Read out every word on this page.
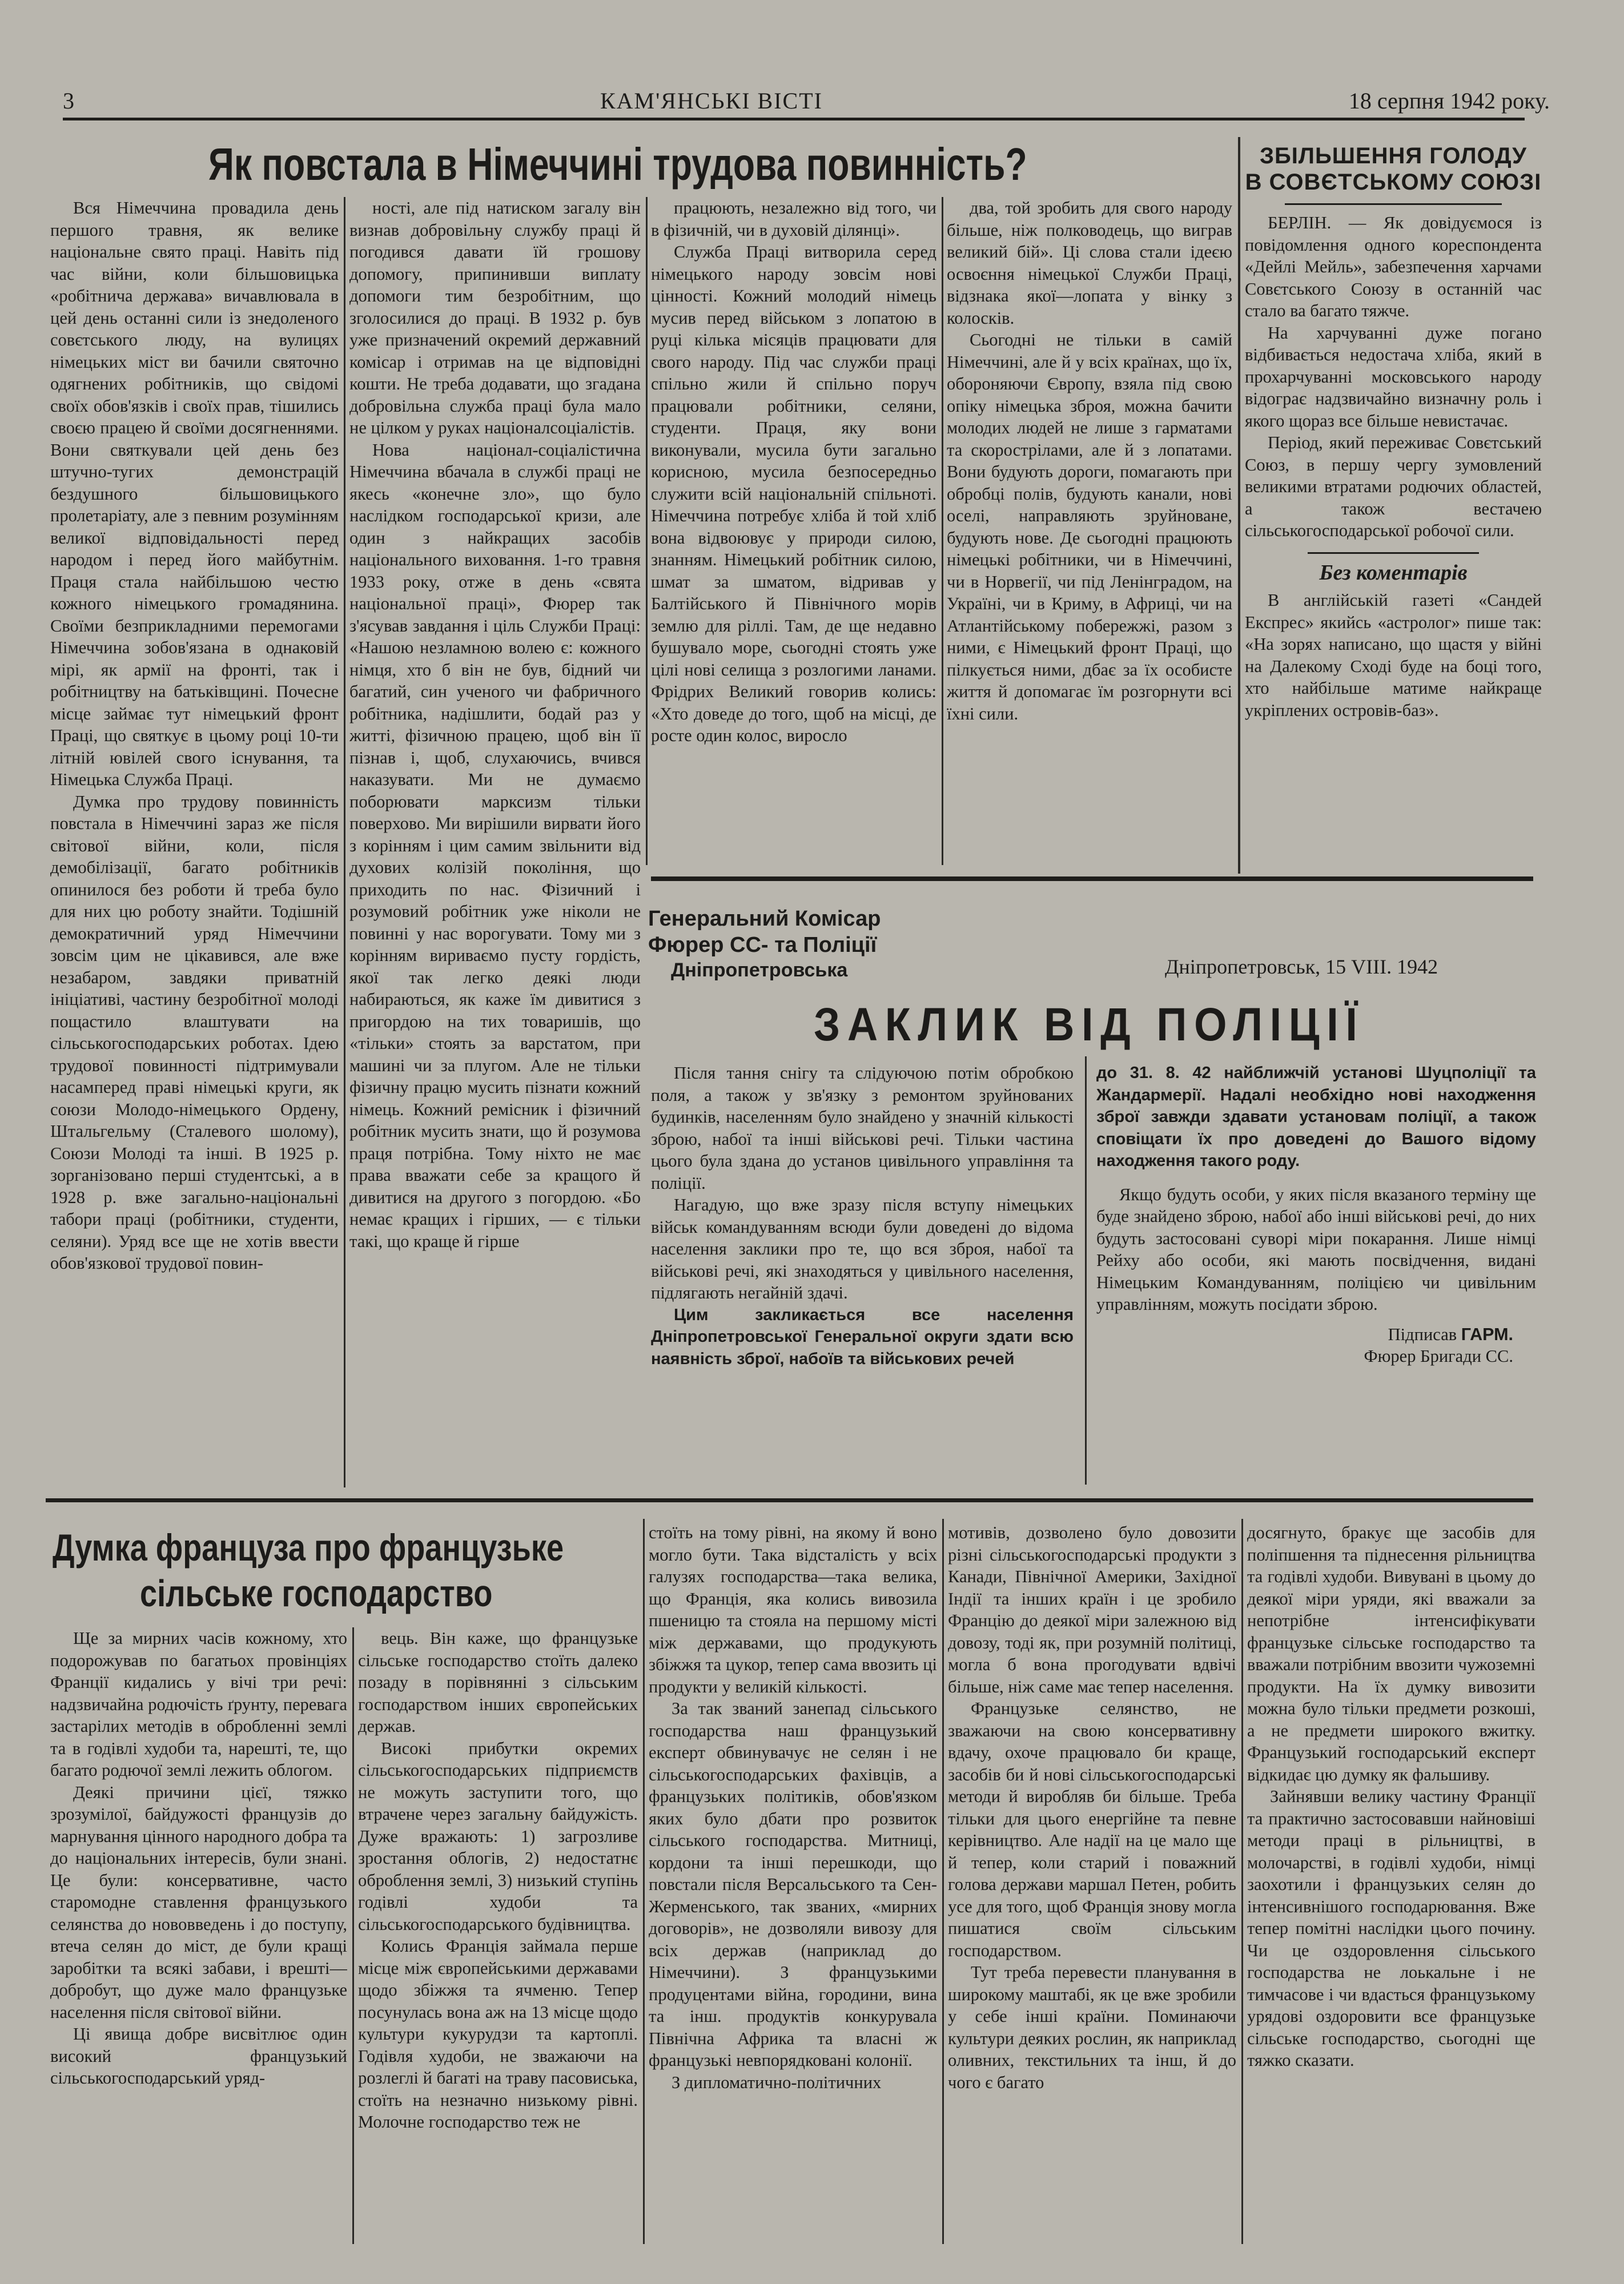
3	КАМ'ЯНСЬКІ ВІСТІ	18 серпня 1942 року.
Як повстала в Німеччині трудова повинність?

Вся Німеччина провадила день першого травня, як велике національне свято праці. Навіть під час війни, коли більшовицька «робітнича держава» вичавлювала в цей день останні сили із знедоленого совєтського люду, на вулицях німецьких міст ви бачили святочно одягнених робітників, що свідомі своїх обов'язків і своїх прав, тішились своєю працею й своїми досягненнями. Вони святкували цей день без штучно-тугих демонстрацій бездушного більшовицького пролетаріату, але з певним розумінням великої відповідальності перед народом і перед його майбутнім. Праця стала найбільшою честю кожного німецького громадянина. Своїми безприкладними перемогами Німеччина зобов'язана в однаковій мірі, як армії на фронті, так і робітництву на батьківщині. Почесне місце займає тут німецький фронт Праці, що святкує в цьому році 10-ти літній ювілей свого існування, та Німецька Служба Праці.

Думка про трудову повинність повстала в Німеччині зараз же після світової війни, коли, після демобілізації, багато робітників опинилося без роботи й треба було для них цю роботу знайти. Тодішній демократичний уряд Німеччини зовсім цим не цікавився, але вже незабаром, завдяки приватній ініціативі, частину безробітної молоді пощастило влаштувати на сільськогосподарських роботах. Ідею трудової повинності підтримували насамперед праві німецькі круги, як союзи Молодо-німецького Ордену, Штальгельму (Сталевого шолому), Союзи Молоді та інші. В 1925 р. зорганізовано перші студентські, а в 1928 р. вже загально-національні табори праці (робітники, студенти, селяни). Уряд все ще не хотів ввести обов'язкової трудової повин-

ності, але під натиском загалу він визнав добровільну службу праці й погодився давати їй грошову допомогу, припинивши виплату допомоги тим безробітним, що зголосилися до праці. В 1932 р. був уже призначений окремий державний комісар і отримав на це відповідні кошти. Не треба додавати, що згадана добровільна служба праці була мало не цілком у руках націоналсоціалістів.

Нова націонал-соціалістична Німеччина вбачала в службі праці не якесь «конечне зло», що було наслідком господарської кризи, але один з найкращих засобів національного виховання. 1-го травня 1933 року, отже в день «свята національної праці», Фюрер так з'ясував завдання і ціль Служби Праці: «Нашою незламною волею є: кожного німця, хто б він не був, бідний чи багатий, син ученого чи фабричного робітника, надішлити, бодай раз у житті, фізичною працею, щоб він її пізнав і, щоб, слухаючись, вчився наказувати. Ми не думаємо поборювати марксизм тільки поверхово. Ми вирішили вирвати його з корінням і цим самим звільнити від духових колізій покоління, що приходить по нас. Фізичний і розумовий робітник уже ніколи не повинні у нас ворогувати. Тому ми з корінням вириваємо пусту гордість, якої так легко деякі люди набираються, як каже їм дивитися з пригордою на тих товаришів, що «тільки» стоять за варстатом, при машині чи за плугом. Але не тільки фізичну працю мусить пізнати кожний німець. Кожний ремісник і фізичний робітник мусить знати, що й розумова праця потрібна. Тому ніхто не має права вважати себе за кращого й дивитися на другого з погордою. «Бо немає кращих і гірших, — є тільки такі, що краще й гірше

працюють, незалежно від того, чи в фізичній, чи в духовій ділянці».

Служба Праці витворила серед німецького народу зовсім нові цінності. Кожний молодий німець мусив перед військом з лопатою в руці кілька місяців працювати для свого народу. Під час служби праці спільно жили й спільно поруч працювали робітники, селяни, студенти. Праця, яку вони виконували, мусила бути загально корисною, мусила безпосередньо служити всій національній спільноті. Німеччина потребує хліба й той хліб вона відвоювує у природи силою, знанням. Німецький робітник силою, шмат за шматом, відривав у Балтійського й Північного морів землю для ріллі. Там, де ще недавно бушувало море, сьогодні стоять уже цілі нові селища з розлогими ланами. Фрідрих Великий говорив колись: «Хто доведе до того, щоб на місці, де росте один колос, виросло

два, той зробить для свого народу більше, ніж полководець, що виграв великий бій». Ці слова стали ідеєю освоєння німецької Служби Праці, відзнака якої—лопата у вінку з колосків.

Сьогодні не тільки в самій Німеччині, але й у всіх країнах, що їх, обороняючи Європу, взяла під свою опіку німецька зброя, можна бачити молодих людей не лише з гарматами та скорострілами, але й з лопатами. Вони будують дороги, помагають при обробці полів, будують канали, нові оселі, направляють зруйноване, будують нове. Де сьогодні працюють німецькі робітники, чи в Німеччині, чи в Норвегії, чи під Ленінградом, на Україні, чи в Криму, в Африці, чи на Атлантійському побережжі, разом з ними, є Німецький фронт Праці, що пілкується ними, дбає за їх особисте життя й допомагає їм розгорнути всі їхні сили.

ЗБІЛЬШЕННЯ ГОЛОДУ
В СОВЄТСЬКОМУ СОЮЗІ

БЕРЛІН. — Як довідуємося із повідомлення одного кореспондента «Дейлі Мейль», забезпечення харчами Совєтського Союзу в останній час стало ва багато тяжче.

На харчуванні дуже погано відбивається недостача хліба, який в прохарчуванні московського народу відограє надзвичайно визначну роль і якого щораз все більше невистачає.

Період, який переживає Совєтський Союз, в першу чергу зумовлений великими втратами родючих областей, а також вестачею сільськогосподарської робочої сили.

Без коментарів

В англійській газеті «Сандей Експрес» якийсь «астролог» пише так: «На зорях написано, що щастя у війні на Далекому Сході буде на боці того, хто найбільше матиме найкраще укріплених островів-баз».

Генеральний Комісар
Фюрер СС- та Поліції
Дніпропетровська	Дніпропетровськ, 15 VIII. 1942
ЗАКЛИК ВІД ПОЛІЦІЇ

Після тання снігу та слідуючою потім обробкою поля, а також у зв'язку з ремонтом зруйнованих будинків, населенням було знайдено у значній кількості зброю, набої та інші військові речі. Тільки частина цього була здана до установ цивільного управління та поліції.

Нагадую, що вже зразу після вступу німецьких військ командуванням всюди були доведені до відома населення заклики про те, що вся зброя, набої та військові речі, які знаходяться у цивільного населення, підлягають негайній здачі.

Цим закликається все населення Дніпропетровської Генеральної округи здати всю наявність зброї, набоїв та військових речей

до 31. 8. 42 найближчій установі Шуцполіції та Жандармерії. Надалі необхідно нові находження зброї завжди здавати установам поліції, а також сповіщати їх про доведені до Вашого відому находження такого роду.

Якщо будуть особи, у яких після вказаного терміну ще буде знайдено зброю, набої або інші військові речі, до них будуть застосовані суворі міри покарання. Лише німці Рейху або особи, які мають посвідчення, видані Німецьким Командуванням, поліцією чи цивільним управлінням, можуть посідати зброю.

Підписав ГАРМ.
Фюрер Бригади СС.
Думка француза про французьке
сільське господарство

Ще за мирних часів кожному, хто подорожував по багатьох провінціях Франції кидались у вічі три речі: надзвичайна родючість ґрунту, перевага застарілих методів в обробленні землі та в годівлі худоби та, нарешті, те, що багато родючої землі лежить облогом.

Деякі причини цієї, тяжко зрозумілої, байдужості французів до марнування цінного народного добра та до національних інтересів, були знані. Це були: консервативне, часто старомодне ставлення французького селянства до нововведень і до поступу, втеча селян до міст, де були кращі заробітки та всякі забави, і врешті—добробут, що дуже мало французьке населення після світової війни.

Ці явища добре висвітлює один високий французький сільськогосподарський уряд-

вець. Він каже, що французьке сільське господарство стоїть далеко позаду в порівнянні з сільським господарством інших європейських держав.

Високі прибутки окремих сільськогосподарських підприємств не можуть заступити того, що втрачене через загальну байдужість. Дуже вражають: 1) загрозливе зростання облогів, 2) недостатнє оброблення землі, 3) низький ступінь годівлі худоби та сільськогосподарського будівництва.

Колись Франція займала перше місце між європейськими державами щодо збіжжя та ячменю. Тепер посунулась вона аж на 13 місце щодо культури кукурудзи та картоплі. Годівля худоби, не зважаючи на розлеглі й багаті на траву пасовиська, стоїть на незначно низькому рівні. Молочне господарство теж не

стоїть на тому рівні, на якому й воно могло бути. Така відсталість у всіх галузях господарства—така велика, що Франція, яка колись вивозила пшеницю та стояла на першому місті між державами, що продукують збіжжя та цукор, тепер сама ввозить ці продукти у великій кількості.

За так званий занепад сільського господарства наш французький експерт обвинувачує не селян і не сільськогосподарських фахівців, а французьких політиків, обов'язком яких було дбати про розвиток сільського господарства. Митниці, кордони та інші перешкоди, що повстали після Версальського та Сен-Жерменського, так званих, «мирних договорів», не дозволяли вивозу для всіх держав (наприклад до Німеччини). З французькими продуцентами війна, городини, вина та інш. продуктів конкурувала Північна Африка та власні ж французькі невпорядковані колонії.

З дипломатично-політичних

мотивів, дозволено було довозити різні сільськогосподарські продукти з Канади, Північної Америки, Західної Індії та інших країн і це зробило Францію до деякої міри залежною від довозу, тоді як, при розумній політиці, могла б вона прогодувати вдвічі більше, ніж саме має тепер населення.

Французьке селянство, не зважаючи на свою консервативну вдачу, охоче працювало би краще, засобів би й нові сільськогосподарські методи й виробляв би більше. Треба тільки для цього енергійне та певне керівництво. Але надії на це мало ще й тепер, коли старий і поважний голова держави маршал Петен, робить усе для того, щоб Франція знову могла пишатися своїм сільським господарством.

Тут треба перевести планування в широкому маштабі, як це вже зробили у себе інші країни. Поминаючи культури деяких рослин, як наприклад оливних, текстильних та інш, й до чого є багато

досягнуто, бракує ще засобів для поліпшення та піднесення рільництва та годівлі худоби. Вивувані в цьому до деякої міри уряди, які вважали за непотрібне інтенсифікувати французьке сільське господарство та вважали потрібним ввозити чужоземні продукти. На їх думку вивозити можна було тільки предмети розкоші, а не предмети широкого вжитку. Французький господарський експерт відкидає цю думку як фальшиву.

Зайнявши велику частину Франції та практично застосовавши найновіші методи праці в рільництві, в молочарстві, в годівлі худоби, німці заохотили і французьких селян до інтенсивнішого господарювання. Вже тепер помітні наслідки цього почину. Чи це оздоровлення сільського господарства не лоькальне і не тимчасове і чи вдасться французькому урядові оздоровити все французьке сільське господарство, сьогодні ще тяжко сказати.
